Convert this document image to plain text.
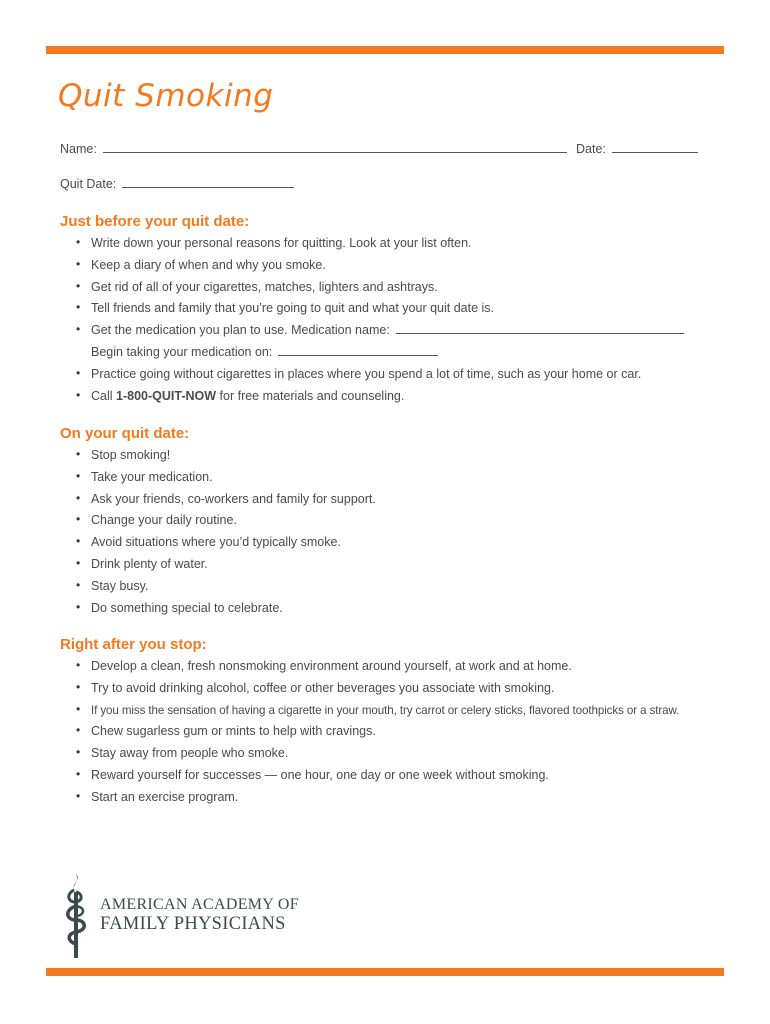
Quit Smoking
Name:	Date:
Quit Date:
Just before your quit date:
• Write down your personal reasons for quitting. Look at your list often.
• Keep a diary of when and why you smoke.
• Get rid of all of your cigarettes, matches, lighters and ashtrays.
• Tell friends and family that you’re going to quit and what your quit date is.
• Get the medication you plan to use. Medication name:
Begin taking your medication on:
• Practice going without cigarettes in places where you spend a lot of time, such as your home or car.
• Call 1-800-QUIT-NOW for free materials and counseling.
On your quit date:
• Stop smoking!
• Take your medication.
• Ask your friends, co-workers and family for support.
• Change your daily routine.
• Avoid situations where you’d typically smoke.
• Drink plenty of water.
• Stay busy.
• Do something special to celebrate.
Right after you stop:
• Develop a clean, fresh nonsmoking environment around yourself, at work and at home.
• Try to avoid drinking alcohol, coffee or other beverages you associate with smoking.
• If you miss the sensation of having a cigarette in your mouth, try carrot or celery sticks, flavored toothpicks or a straw.
• Chew sugarless gum or mints to help with cravings.
• Stay away from people who smoke.
• Reward yourself for successes — one hour, one day or one week without smoking.
• Start an exercise program.
AMERICAN ACADEMY OF
FAMILY PHYSICIANS
